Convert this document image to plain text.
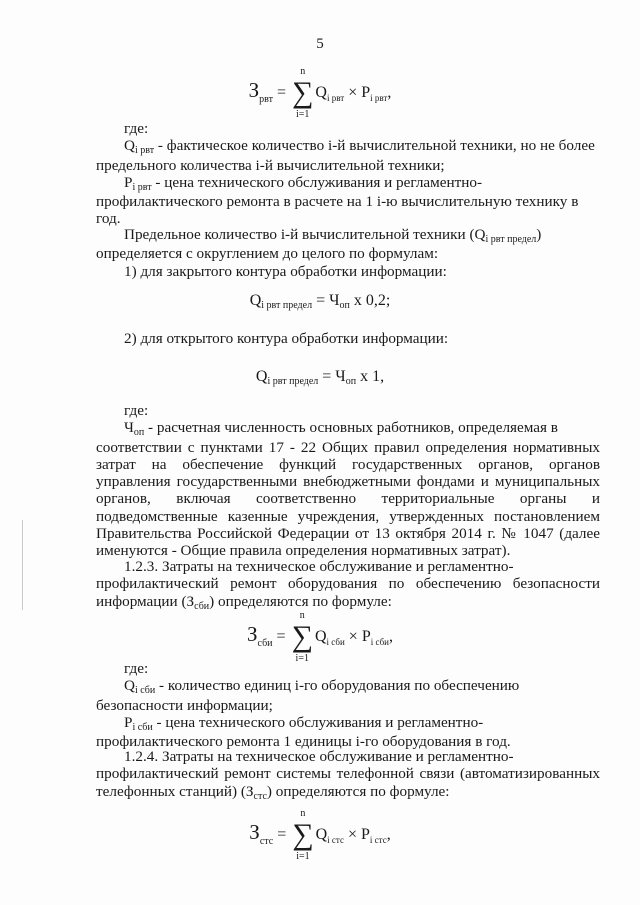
5
$З_{рвт}$ = ∑
n
i=1
$Q_{i рвт} \times P_{i рвт}$,
где:
Qi рвт - фактическое количество i-й вычислительной техники, но не более
предельного количества i-й вычислительной техники;
Pi рвт - цена технического обслуживания и регламентно-
профилактического ремонта в расчете на 1 i-ю вычислительную технику в
год.
Предельное количество i-й вычислительной техники (Qi рвт предел)
определяется с округлением до целого по формулам:
1) для закрытого контура обработки информации:
Qi рвт предел = Чоп х 0,2;
2) для открытого контура обработки информации:
Qi рвт предел = Чоп х 1,
где:
Чоп - расчетная численность основных работников, определяемая в
соответствии с пунктами 17 - 22 Общих правил определения нормативных
затрат на обеспечение функций государственных органов, органов
управления государственными внебюджетными фондами и муниципальных
органов, включая соответственно территориальные органы и
подведомственные казенные учреждения, утвержденных постановлением
Правительства Российской Федерации от 13 октября 2014 г. № 1047 (далее
именуются - Общие правила определения нормативных затрат).
1.2.3. Затраты на техническое обслуживание и регламентно-
профилактический ремонт оборудования по обеспечению безопасности
информации (Зсби) определяются по формуле:
$З_{сби}$ = ∑
n
i=1
$Q_{i сби} \times P_{i сби}$,
где:
Qi сби - количество единиц i-го оборудования по обеспечению
безопасности информации;
Pi сби - цена технического обслуживания и регламентно-
профилактического ремонта 1 единицы i-го оборудования в год.
1.2.4. Затраты на техническое обслуживание и регламентно-
профилактический ремонт системы телефонной связи (автоматизированных
телефонных станций) (Зстс) определяются по формуле:
$З_{стс}$ = ∑
n
i=1
$Q_{i стс} \times P_{i стс}$,
